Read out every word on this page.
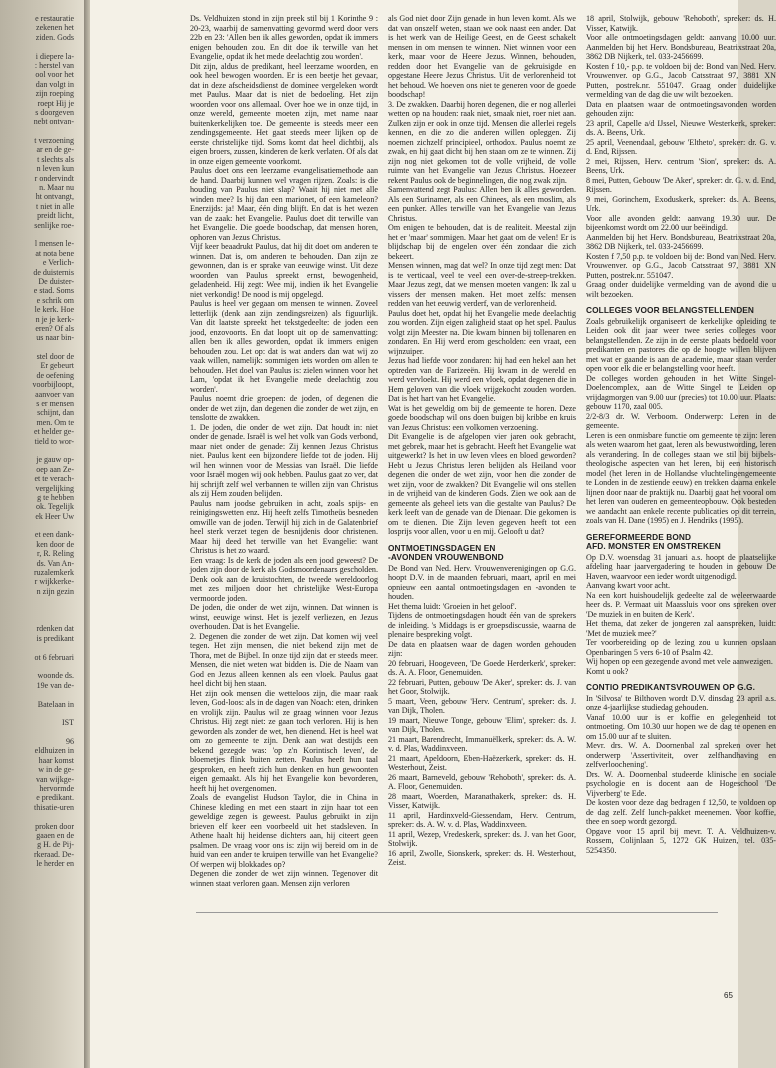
e restauratie
zekenen het
ziden. Gods
i diepere la-
: herstel van
ool voor het
dan volgt in
zijn roeping
roept Hij je
s doorgeven
nebt ontvan-
t verzoening
ar en de ge-
t slechts als
n leven kun
r ondervindt
n. Maar nu
ht ontvangt,
t niet in alle
preidt licht,
senlijke roe-
l mensen le-
at nota bene
e Verlich-
de duisternis
De duister-
e stad. Soms
e schrik om
le kerk. Hoe
n je je kerk-
eren? Of als
us naar bin-
stel door de
Er gebeurt
de oefening
voorbijloopt,
aanvoer van
s er mensen
schijnt, dan
men. Om te
et helder ge-
tield to wor-
je gauw op-
oep aan Ze-
et te verach-
vergelijking
g te hebben
ok. Tegelijk
ek Heer Uw
et een dank-
ken door de
r, R. Reling
ds. Van An-
ruzalemkerk
r wijkkerke-
n zijn gezin
rdenken dat
is predikant
ot 6 februari
woonde ds.
19e van de-
Batelaan in
IST
96
eldhuizen in
haar komst
w in de ge-
van wijkge-
hervormde
e predikant.
thisatie-uren
proken door
gaaen en de
g H. de Pij-
rkeraad. De-
le herder en

Ds. Veldhuizen stond in zijn preek stil bij 1 Korinthe 9 : 20-23, waarbij de samenvatting gevormd werd door vers 22b en 23: 'Allen ben ik alles geworden, opdat ik immers enigen behouden zou. En dit doe ik terwille van het Evangelie, opdat ik het mede deelachtig zou worden'.

Dit zijn, aldus de predikant, heel leerzame woorden, en ook heel bewogen woorden. Er is een beetje het gevaar, dat in deze afscheidsdienst de dominee vergeleken wordt met Paulus. Maar dat is niet de bedoeling. Het zijn woorden voor ons allemaal. Over hoe we in onze tijd, in onze wereld, gemeente moeten zijn, met name naar buitenkerkelijken toe. De gemeente is steeds meer een zendingsgemeente. Het gaat steeds meer lijken op de eerste christelijke tijd. Soms komt dat heel dichtbij, als eigen broers, zussen, kinderen de kerk verlaten. Of als dat in onze eigen gemeente voorkomt.

Paulus doet ons een leerzame evangelisatiemethode aan de hand. Daarbij kunnen wel vragen rijzen. Zoals: is die houding van Paulus niet slap? Waait hij niet met alle winden mee? Is hij dan een marionet, of een kameleon? Enerzijds: ja! Maar, één ding blijft. En dat is het wezen van de zaak: het Evangelie. Paulus doet dit terwille van het Evangelie. Die goede boodschap, dat mensen horen, ophoren van Jezus Christus.

Vijf keer beaadrukt Paulus, dat hij dit doet om anderen te winnen. Dat is, om anderen te behouden. Dan zijn ze gewonnen, dan is er sprake van eeuwige winst. Uit deze woorden van Paulus spreekt ernst, bewogenheid, geladenheid. Hij zegt: Wee mij, indien ik het Evangelie niet verkondig! De nood is mij opgelegd.

Paulus is heel ver gegaan om mensen te winnen. Zoveel letterlijk (denk aan zijn zendingsreizen) als figuurlijk. Van dit laatste spreekt het tekstgedeelte: de joden een jood, enzovoorts. En dat loopt uit op de samenvatting: allen ben ik alles geworden, opdat ik immers enigen behouden zou. Let op: dat is wat anders dan wat wij zo vaak willen, namelijk: sommigen iets worden om allen te behouden. Het doel van Paulus is: zielen winnen voor het Lam, 'opdat ik het Evangelie mede deelachtig zou worden'.

Paulus noemt drie groepen: de joden, of degenen die onder de wet zijn, dan degenen die zonder de wet zijn, en tenslotte de zwakken.

1. De joden, die onder de wet zijn. Dat houdt in: niet onder de genade. Israël is wel het volk van Gods verbond, maar niet onder de genade: Zij kennen Jezus Christus niet. Paulus kent een bijzondere liefde tot de joden. Hij wil hen winnen voor de Messias van Israël. Die liefde voor Israël mogen wij ook hebben. Paulus gaat zo ver, dat hij schrijft zelf wel verbannen te willen zijn van Christus als zij Hem zouden belijden.

Paulus nam joodse gebruiken in acht, zoals spijs- en reinigingswetten enz. Hij heeft zelfs Timotheüs besneden omwille van de joden. Terwijl hij zich in de Galatenbrief heel sterk verzet tegen de besnijdenis door christenen. Maar hij deed het terwille van het Evangelie: want Christus is het zo waard.

Een vraag: Is de kerk de joden als een jood geweest? De joden zijn door de kerk als Godsmoordenaars gescholden. Denk ook aan de kruistochten, de tweede wereldoorlog met zes miljoen door het christelijke West-Europa vermoorde joden.

De joden, die onder de wet zijn, winnen. Dat winnen is winst, eeuwige winst. Het is jezelf verliezen, en Jezus overhouden. Dat is het Evangelie.

2. Degenen die zonder de wet zijn. Dat komen wij veel tegen. Het zijn mensen, die niet bekend zijn met de Thora, met de Bijbel. In onze tijd zijn dat er steeds meer. Mensen, die niet weten wat bidden is. Die de Naam van God en Jezus alleen kennen als een vloek. Paulus gaat heel dicht bij hen staan.

Het zijn ook mensen die wetteloos zijn, die maar raak leven, God-loos: als in de dagen van Noach: eten, drinken en vrolijk zijn. Paulus wil ze graag winnen voor Jezus Christus. Hij zegt niet: ze gaan toch verloren. Hij is hen geworden als zonder de wet, hen dienend. Het is heel wat om zo gemeente te zijn. Denk aan wat destijds een bekend gezegde was: 'op z'n Korintisch leven', de bloemetjes flink buiten zetten. Paulus heeft hun taal gesproken, en heeft zich hun denken en hun gewoonten eigen gemaakt. Als hij het Evangelie kon bevorderen, heeft hij het overgenomen.

Zoals de evangelist Hudson Taylor, die in China in Chinese kleding en met een staart in zijn haar tot een geweldige zegen is geweest. Paulus gebruikt in zijn brieven elf keer een voorbeeld uit het stadsleven. In Athene haalt hij heidense dichters aan, hij citeert geen psalmen. De vraag voor ons is: zijn wij bereid om in de huid van een ander te kruipen terwille van het Evangelie? Of werpen wij blokkades op?

Degenen die zonder de wet zijn winnen. Tegenover dit winnen staat verloren gaan. Mensen zijn verloren

als God niet door Zijn genade in hun leven komt. Als we dat van onszelf weten, staan we ook naast een ander. Dat is het werk van de Heilige Geest, en de Geest schakelt mensen in om mensen te winnen. Niet winnen voor een kerk, maar voor de Heere Jezus. Winnen, behouden, redden door het Evangelie van de gekruisigde en opgestane Heere Jezus Christus. Uit de verlorenheid tot het behoud. We hoeven ons niet te generen voor de goede boodschap!

3. De zwakken. Daarbij horen degenen, die er nog allerlei wetten op na houden: raak niet, smaak niet, roer niet aan. Zulken zijn er ook in onze tijd. Mensen die allerlei regels kennen, en die zo die anderen willen opleggen. Zij noemen zichzelf principieel, orthodox. Paulus noemt ze zwak, en hij gaat dicht bij hen staan om ze te winnen. Zij zijn nog niet gekomen tot de volle vrijheid, de volle ruimte van het Evangelie van Jezus Christus. Hoezeer rekent Paulus ook de beginnelingen, die nog zwak zijn.

Samenvattend zegt Paulus: Allen ben ik alles geworden. Als een Surinamer, als een Chinees, als een moslim, als een punker. Alles terwille van het Evangelie van Jezus Christus.

Om enigen te behouden, dat is de realiteit. Meestal zijn het er 'maar' sommigen. Maar het gaat om de velen! Er is blijdschap bij de engelen over één zondaar die zich bekeert.

Mensen winnen, mag dat wel? In onze tijd zegt men: Dat is te verticaal, veel te veel een over-de-streep-trekken. Maar Jezus zegt, dat we mensen moeten vangen: Ik zal u vissers der mensen maken. Het moet zelfs: mensen redden van het eeuwig verderf, van de verlorenheid.

Paulus doet het, opdat hij het Evangelie mede deelachtig zou worden. Zijn eigen zaligheid staat op het spel. Paulus volgt zijn Meester na. Die kwam binnen bij tollenaren en zondaren. En Hij werd erom gescholden: een vraat, een wijnzuiper.

Jezus had liefde voor zondaren: hij had een hekel aan het optreden van de Farizeeën. Hij kwam in de wereld en werd vervloekt. Hij werd een vloek, opdat degenen die in Hem geloven van die vloek vrijgekocht zouden worden. Dat is het hart van het Evangelie.

Wat is het geweldig om bij de gemeente te horen. Deze goede boodschap wil ons doen buigen bij kribbe en kruis van Jezus Christus: een volkomen verzoening.

Dit Evangelie is de afgelopen vier jaren ook gebracht, met gebrek, maar het is gebracht. Heeft het Evangelie wat uitgewerkt? Is het in uw leven vlees en bloed geworden? Hebt u Jezus Christus leren belijden als Heiland voor degenen die onder de wet zijn, voor hen die zonder de wet zijn, voor de zwakken? Dit Evangelie wil ons stellen in de vrijheid van de kinderen Gods. Zien we ook aan de gemeente als geheel iets van die gestalte van Paulus? De kerk leeft van de genade van de Dienaar. Die gekomen is om te dienen. Die Zijn leven gegeven heeft tot een losprijs voor allen, voor u en mij. Gelooft u dat?

ONTMOETINGSDAGEN EN
-AVONDEN VROUWENBOND

De Bond van Ned. Herv. Vrouwenverenigingen op G.G. hoopt D.V. in de maanden februari, maart, april en mei opnieuw een aantal ontmoetingsdagen en -avonden te houden.

Het thema luidt: 'Groeien in het geloof'.

Tijdens de ontmoetingsdagen houdt één van de sprekers de inleiding. 's Middags is er groepsdiscussie, waarna de plenaire bespreking volgt.

De data en plaatsen waar de dagen worden gehouden zijn:

20 februari, Hoogeveen, 'De Goede Herderkerk', spreker: ds. A. A. Floor, Genemuiden.

22 februari, Putten, gebouw 'De Aker', spreker: ds. J. van het Goor, Stolwijk.

5 maart, Veen, gebouw 'Herv. Centrum', spreker: ds. J. van Dijk, Tholen.

19 maart, Nieuwe Tonge, gebouw 'Elim', spreker: ds. J. van Dijk, Tholen.

21 maart, Barendrecht, Immanuëlkerk, spreker: ds. A. W. v. d. Plas, Waddinxveen.

21 maart, Apeldoorn, Eben-Haëzerkerk, spreker: ds. H. Westerhout, Zeist.

26 maart, Barneveld, gebouw 'Rehoboth', spreker: ds. A. A. Floor, Genemuiden.

28 maart, Woerden, Maranathakerk, spreker: ds. H. Visser, Katwijk.

11 april, Hardinxveld-Giessendam, Herv. Centrum, spreker: ds. A. W. v. d. Plas, Waddinxveen.

11 april, Wezep, Vredeskerk, spreker: ds. J. van het Goor, Stolwijk.

16 april, Zwolle, Sionskerk, spreker: ds. H. Westerhout, Zeist.

18 april, Stolwijk, gebouw 'Rehoboth', spreker: ds. H. Visser, Katwijk.

Voor alle ontmoetingsdagen geldt: aanvang 10.00 uur. Aanmelden bij het Herv. Bondsbureau, Beatrixstraat 20a, 3862 DB Nijkerk, tel. 033-2456699.

Kosten f 10,- p.p. te voldoen bij de: Bond van Ned. Herv. Vrouwenver. op G.G., Jacob Catsstraat 97, 3881 XN Putten, postrek.nr. 551047. Graag onder duidelijke vermelding van de dag die uw wilt bezoeken.

Data en plaatsen waar de ontmoetingsavonden worden gehouden zijn:

23 april, Capelle a/d IJssel, Nieuwe Westerkerk, spreker: ds. A. Beens, Urk.

25 april, Veenendaal, gebouw 'Eltheto', spreker: dr. G. v. d. End, Rijssen.

2 mei, Rijssen, Herv. centrum 'Sion', spreker: ds. A. Beens, Urk.

8 mei, Putten, Gebouw 'De Aker', spreker: dr. G. v. d. End, Rijssen.

9 mei, Gorinchem, Exoduskerk, spreker: ds. A. Beens, Urk.

Voor alle avonden geldt: aanvang 19.30 uur. De bijeenkomst wordt om 22.00 uur beëindigd.

Aanmelden bij het Herv. Bondsbureau, Beatrixstraat 20a, 3862 DB Nijkerk, tel. 033-2456699.

Kosten f 7,50 p.p. te voldoen bij de: Bond van Ned. Herv. Vrouwenver. op G.G., Jacob Catsstraat 97, 3881 XN Putten, postrek.nr. 551047.

Graag onder duidelijke vermelding van de avond die u wilt bezoeken.

COLLEGES VOOR BELANGSTELLENDEN

Zoals gebruikelijk organiseert de kerkelijke opleiding te Leiden ook dit jaar weer twee series colleges voor belangstellenden. Ze zijn in de eerste plaats bedoeld voor predikanten en pastores die op de hoogte willen blijven met wat er gaande is aan de academie, maar staan verder open voor elk die er belangstelling voor heeft.

De colleges worden gehouden in het Witte Singel-Doelencomplex, aan de Witte Singel te Leiden op vrijdagmorgen van 9.00 uur (precies) tot 10.00 uur. Plaats: gebouw 1170, zaal 005.

2/2-8/3 dr. W. Verboom. Onderwerp: Leren in de gemeente.

Leren is een onmisbare functie om gemeente te zijn: leren als weten waarom het gaat, leren als bewustwording, leren als verandering. In de colleges staan we stil bij bijbels-theologische aspecten van het leren, bij een historisch model (het leren in de Hollandse vluchtelingengemeente te Londen in de zestiende eeuw) en trekken daarna enkele lijnen door naar de praktijk nu. Daarbij gaat het vooral om het leren van ouderen en gemeenteopbouw. Ook besteden we aandacht aan enkele recente publicaties op dit terrein, zoals van H. Dane (1995) en J. Hendriks (1995).

GEREFORMEERDE BOND
AFD. MONSTER EN OMSTREKEN

Op D.V. woensdag 31 januari a.s. hoopt de plaatselijke afdeling haar jaarvergadering te houden in gebouw De Haven, waarvoor een ieder wordt uitgenodigd.

Aanvang kwart voor acht.

Na een kort huishoudelijk gedeelte zal de weleerwaarde heer ds. P. Vermaat uit Maassluis voor ons spreken over 'De muziek in en buiten de Kerk'.

Het thema, dat zeker de jongeren zal aanspreken, luidt: 'Met de muziek mee?'

Ter voorbereiding op de lezing zou u kunnen opslaan Openbaringen 5 vers 6-10 of Psalm 42.

Wij hopen op een gezegende avond met vele aanwezigen.

Komt u ook?

CONTIO PREDIKANTSVROUWEN OP G.G.

In 'Silvosa' te Bilthoven wordt D.V. dinsdag 23 april a.s. onze 4-jaarlijkse studiedag gehouden.

Vanaf 10.00 uur is er koffie en gelegenheid tot ontmoeting. Om 10.30 uur hopen we de dag te openen en om 15.00 uur af te sluiten.

Mevr. drs. W. A. Doornenbal zal spreken over het onderwerp 'Assertiviteit, over zelfhandhaving en zelfverloochening'.

Drs. W. A. Doornenbal studeerde klinische en sociale psychologie en is docent aan de Hogeschool 'De Vijverberg' te Ede.

De kosten voor deze dag bedragen f 12,50, te voldoen op de dag zelf. Zelf lunch-pakket meenemen. Voor koffie, thee en soep wordt gezorgd.

Opgave voor 15 april bij mevr. T. A. Veldhuizen-v. Rossem, Colijnlaan 5, 1272 GK Huizen, tel. 035-5254350.

65
